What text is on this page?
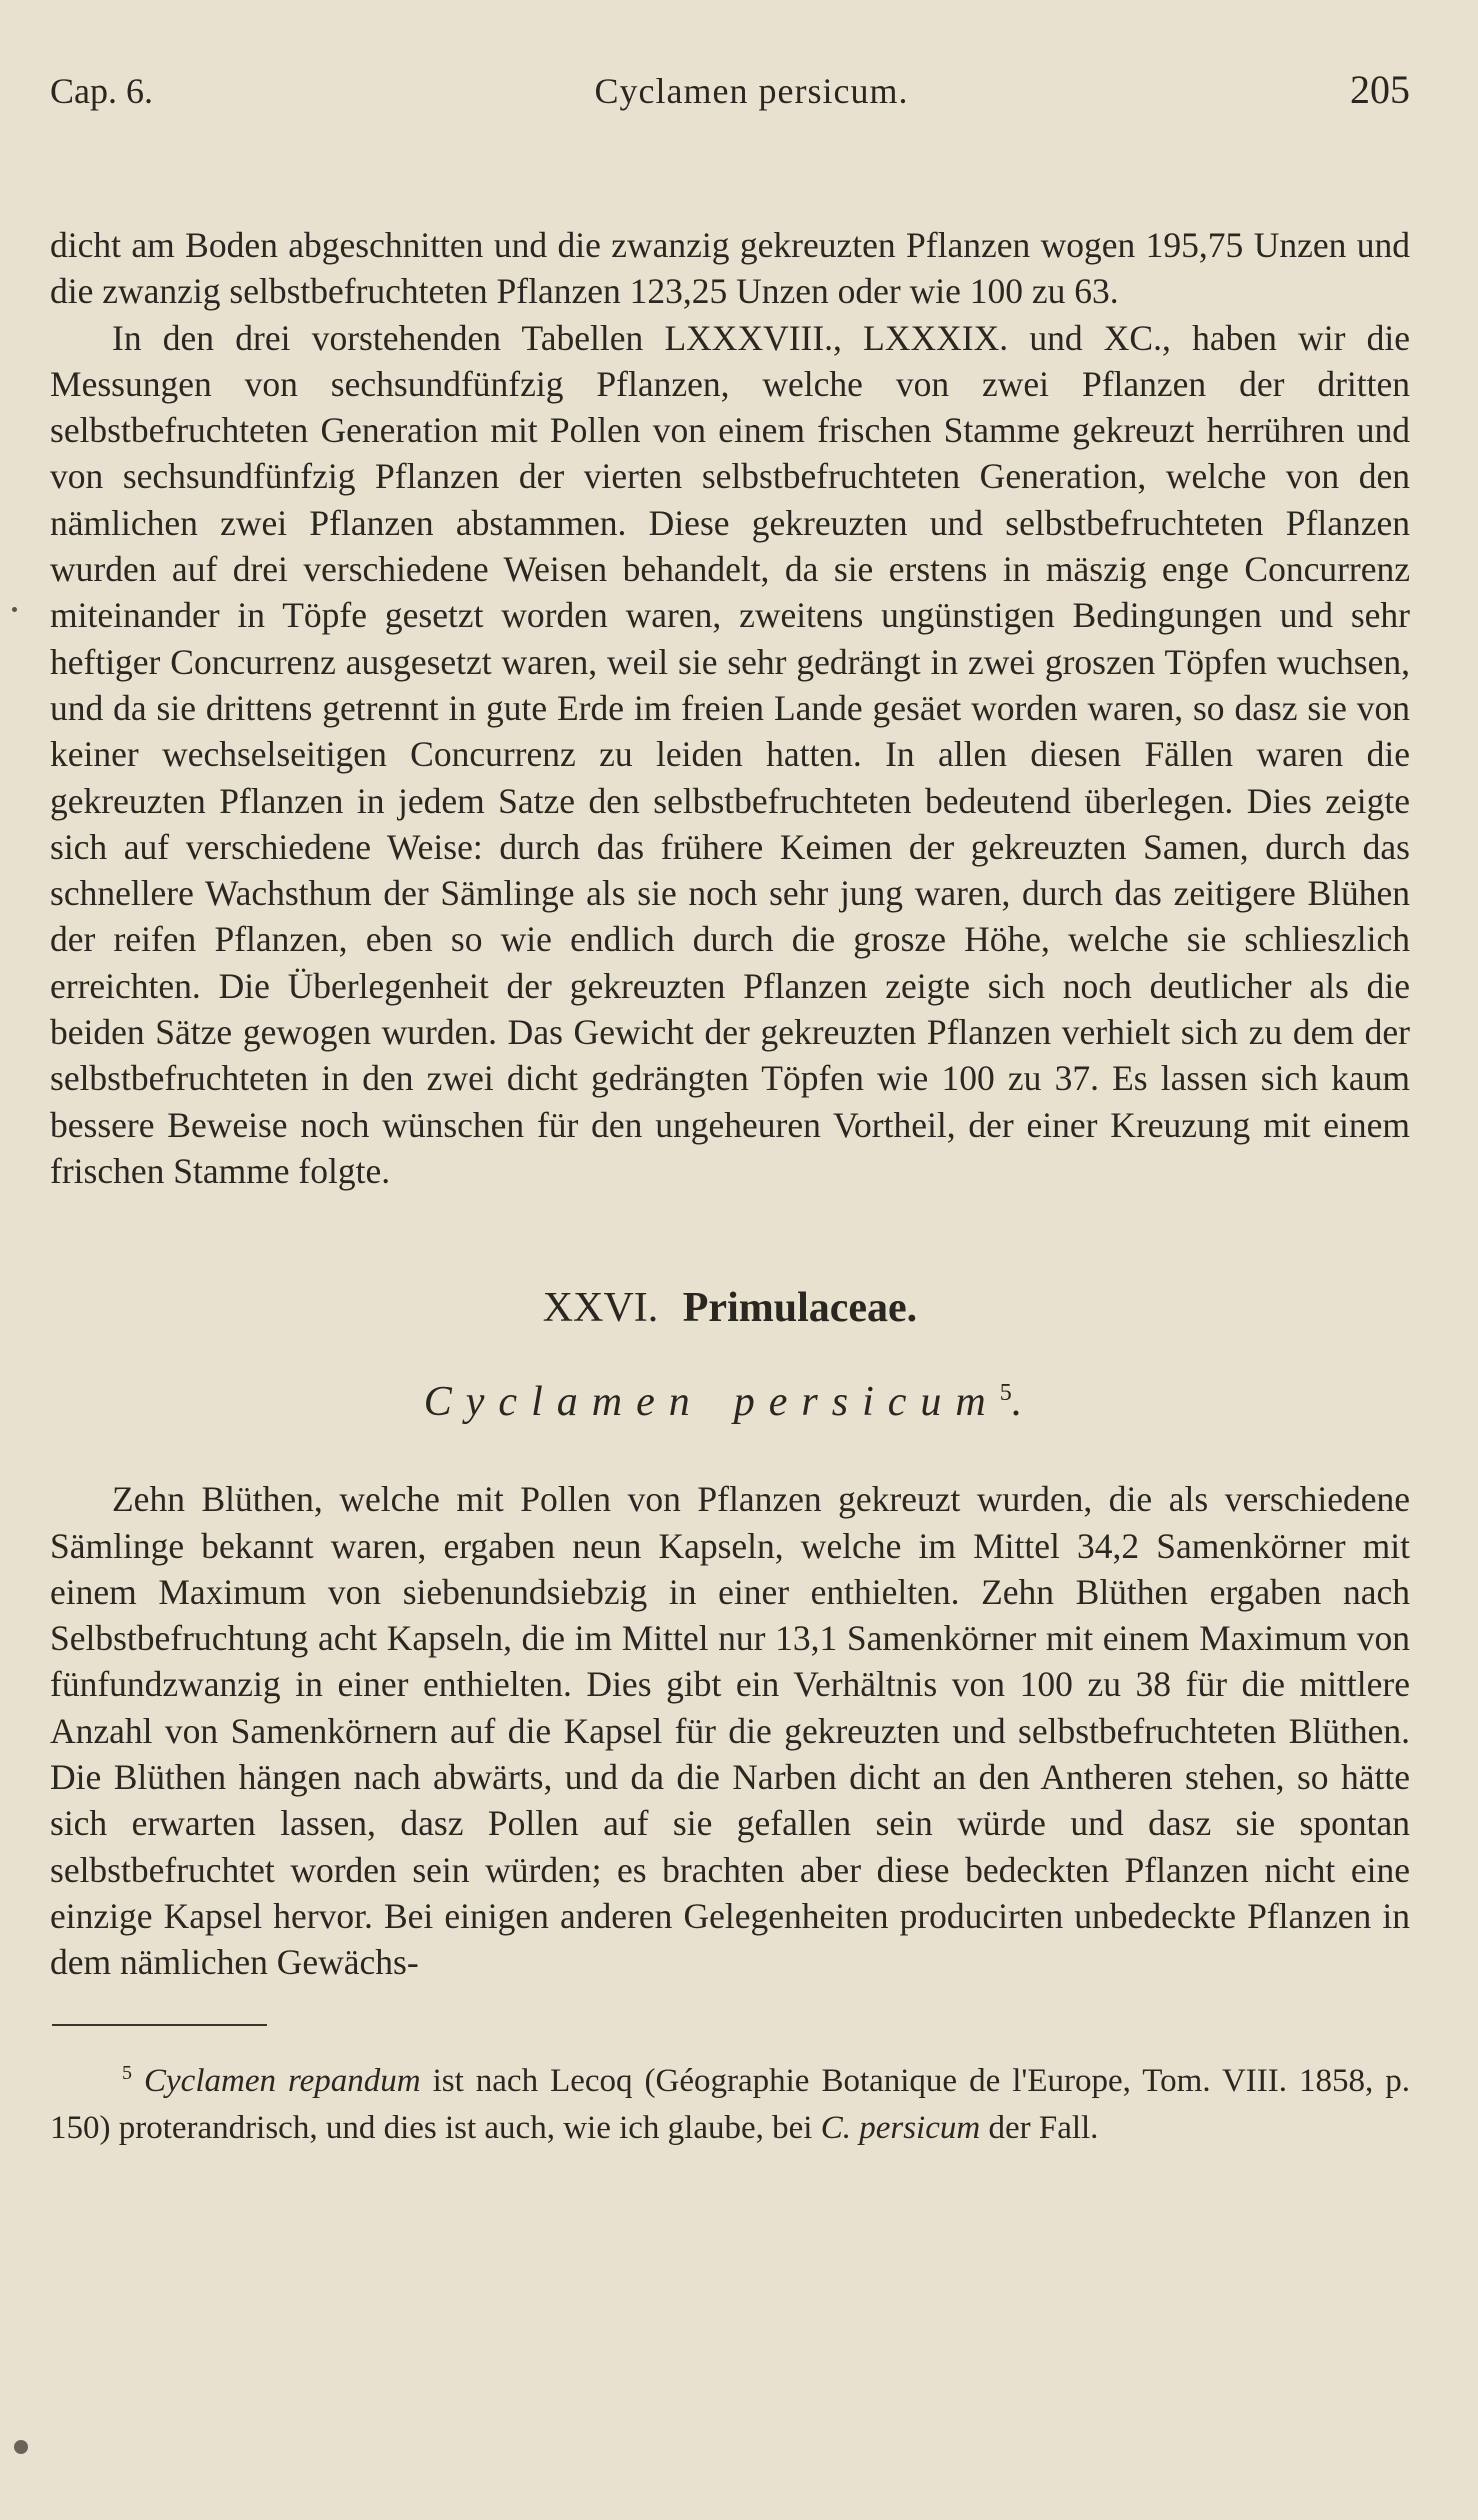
Cap. 6.	Cyclamen persicum.	205

dicht am Boden abgeschnitten und die zwanzig gekreuzten Pflanzen wogen 195,75 Unzen und die zwanzig selbstbefruchteten Pflanzen 123,25 Unzen oder wie 100 zu 63.

In den drei vorstehenden Tabellen LXXXVIII., LXXXIX. und XC., haben wir die Messungen von sechsundfünfzig Pflanzen, welche von zwei Pflanzen der dritten selbstbefruchteten Generation mit Pollen von einem frischen Stamme gekreuzt herrühren und von sechsundfünfzig Pflanzen der vierten selbstbefruchteten Generation, welche von den nämlichen zwei Pflanzen abstammen. Diese gekreuzten und selbstbefruchteten Pflanzen wurden auf drei verschiedene Weisen behandelt, da sie erstens in mäszig enge Concurrenz miteinander in Töpfe gesetzt worden waren, zweitens ungünstigen Bedingungen und sehr heftiger Concurrenz ausgesetzt waren, weil sie sehr gedrängt in zwei groszen Töpfen wuchsen, und da sie drittens getrennt in gute Erde im freien Lande gesäet worden waren, so dasz sie von keiner wechselseitigen Concurrenz zu leiden hatten. In allen diesen Fällen waren die gekreuzten Pflanzen in jedem Satze den selbstbefruchteten bedeutend überlegen. Dies zeigte sich auf verschiedene Weise: durch das frühere Keimen der gekreuzten Samen, durch das schnellere Wachsthum der Sämlinge als sie noch sehr jung waren, durch das zeitigere Blühen der reifen Pflanzen, eben so wie endlich durch die grosze Höhe, welche sie schlieszlich erreichten. Die Überlegenheit der gekreuzten Pflanzen zeigte sich noch deutlicher als die beiden Sätze gewogen wurden. Das Gewicht der gekreuzten Pflanzen verhielt sich zu dem der selbstbefruchteten in den zwei dicht gedrängten Töpfen wie 100 zu 37. Es lassen sich kaum bessere Beweise noch wünschen für den ungeheuren Vortheil, der einer Kreuzung mit einem frischen Stamme folgte.

XXVI. Primulaceae.
Cyclamen persicum$^5$.

Zehn Blüthen, welche mit Pollen von Pflanzen gekreuzt wurden, die als verschiedene Sämlinge bekannt waren, ergaben neun Kapseln, welche im Mittel 34,2 Samenkörner mit einem Maximum von siebenundsiebzig in einer enthielten. Zehn Blüthen ergaben nach Selbstbefruchtung acht Kapseln, die im Mittel nur 13,1 Samenkörner mit einem Maximum von fünfundzwanzig in einer enthielten. Dies gibt ein Verhältnis von 100 zu 38 für die mittlere Anzahl von Samenkörnern auf die Kapsel für die gekreuzten und selbstbefruchteten Blüthen. Die Blüthen hängen nach abwärts, und da die Narben dicht an den Antheren stehen, so hätte sich erwarten lassen, dasz Pollen auf sie gefallen sein würde und dasz sie spontan selbstbefruchtet worden sein würden; es brachten aber diese bedeckten Pflanzen nicht eine einzige Kapsel hervor. Bei einigen anderen Gelegenheiten producirten unbedeckte Pflanzen in dem nämlichen Gewächs-

$^5$ Cyclamen repandum ist nach Lecoq (Géographie Botanique de l'Europe, Tom. VIII. 1858, p. 150) proterandrisch, und dies ist auch, wie ich glaube, bei C. persicum der Fall.
